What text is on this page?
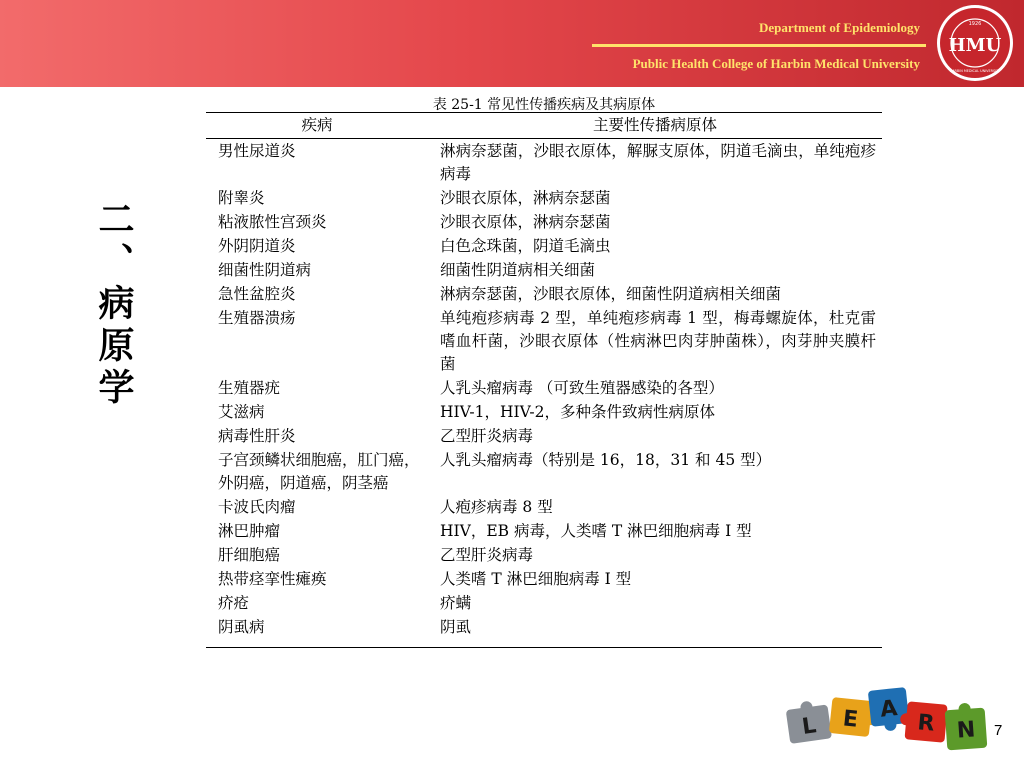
Department of Epidemiology
Public Health College of Harbin Medical University
1926
HMU
HARBIN MEDICAL UNIVERSITY
二、病原学
表 25-1 常见性传播疾病及其病原体
疾病	主要性传播病原体
男性尿道炎	淋病奈瑟菌，沙眼衣原体，解脲支原体，阴道毛滴虫，单纯疱疹病毒
附睾炎	沙眼衣原体，淋病奈瑟菌
粘液脓性宫颈炎	沙眼衣原体，淋病奈瑟菌
外阴阴道炎	白色念珠菌，阴道毛滴虫
细菌性阴道病	细菌性阴道病相关细菌
急性盆腔炎	淋病奈瑟菌，沙眼衣原体，细菌性阴道病相关细菌
生殖器溃疡	单纯疱疹病毒 2 型，单纯疱疹病毒 1 型，梅毒螺旋体，杜克雷嗜血杆菌，沙眼衣原体（性病淋巴肉芽肿菌株），肉芽肿夹膜杆菌
生殖器疣	人乳头瘤病毒 （可致生殖器感染的各型）
艾滋病	HIV-1，HIV-2，多种条件致病性病原体
病毒性肝炎	乙型肝炎病毒
子宫颈鳞状细胞癌，肛门癌，外阴癌，阴道癌，阴茎癌	人乳头瘤病毒（特别是 16，18，31 和 45 型）
卡波氏肉瘤	人疱疹病毒 8 型
淋巴肿瘤	HIV，EB 病毒，人类嗜 T 淋巴细胞病毒 I 型
肝细胞癌	乙型肝炎病毒
热带痉挛性瘫痪	人类嗜 T 淋巴细胞病毒 I 型
疥疮	疥螨
阴虱病	阴虱
L E A
R N 7
